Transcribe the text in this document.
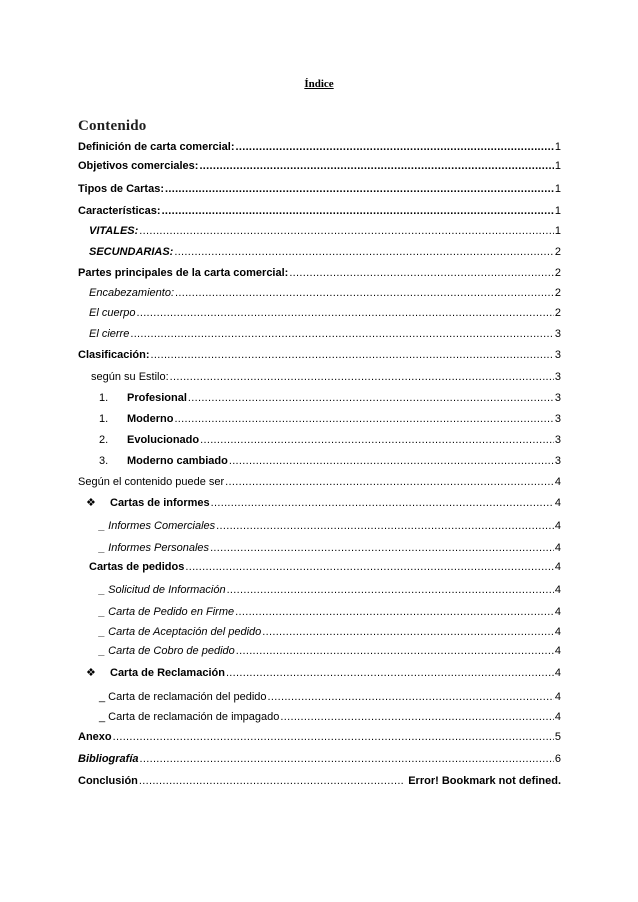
Índice
Contenido
Definición de carta comercial: .....	1
Objetivos comerciales: .....	1
Tipos de Cartas: .....	1
Características: .....	1
VITALES: .....	1
SECUNDARIAS: .....	2
Partes principales de la carta comercial: .....	2
Encabezamiento: .....	2
El cuerpo .....	2
El cierre .....	3
Clasificación: .....	3
según su Estilo: .....	3
1.	Profesional .....	3
1.	Moderno .....	3
2.	Evolucionado .....	3
3.	Moderno cambiado .....	3
Según el contenido puede ser .....	4
❖	Cartas de informes .....	4
_ Informes Comerciales .....	4
_ Informes Personales .....	4
Cartas de pedidos .....	4
_ Solicitud de Información .....	4
_ Carta de Pedido en Firme .....	4
_ Carta de Aceptación del pedido .....	4
_ Carta de Cobro de pedido .....	4
❖	Carta de Reclamación .....	4
_ Carta de reclamación del pedido .....	4
_ Carta de reclamación de impagado .....	4
Anexo .....	5
Bibliografía .....	6
Conclusión .....	Error! Bookmark not defined.
